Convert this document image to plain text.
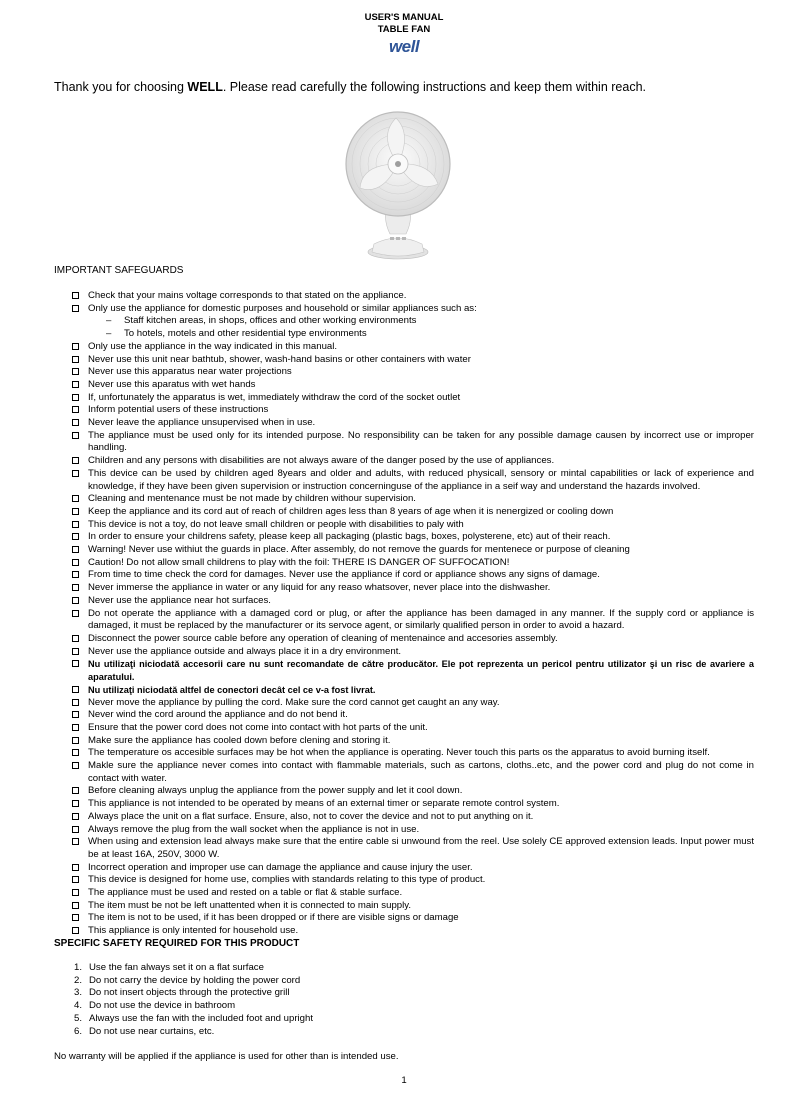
USER'S MANUAL
TABLE FAN
well
Thank you for choosing WELL. Please read carefully the following instructions and keep them within reach.
IMPORTANT SAFEGUARDS
Check that your mains voltage corresponds to that stated on the appliance.
Only use the appliance for domestic purposes and household or similar appliances such as:
– Staff kitchen areas, in shops, offices and other working environments
– To hotels, motels and other residential type environments
Only use the appliance in the way indicated in this manual.
Never use this unit near bathtub, shower, wash-hand basins or other containers with water
Never use this apparatus near water projections
Never use this aparatus with wet hands
If, unfortunately the apparatus is wet, immediately withdraw the cord of the socket outlet
Inform potential users of these instructions
Never leave the appliance unsupervised when in use.
The appliance must be used only for its intended purpose. No responsibility can be taken for any possible damage causen by incorrect use or improper handling.
Children and any persons with disabilities are not always aware of the danger posed by the use of appliances.
This device can be used by children aged 8years and older and adults, with reduced physicall, sensory or mintal capabilities or lack of experience and knowledge, if they have been given supervision or instruction concerninguse of the appliance in a seif way and understand the hazards involved.
Cleaning and mentenance must be not made by children withour supervision.
Keep the appliance and its cord aut of reach of children ages less than 8 years of age when it is nenergized or cooling down
This device is not a toy, do not leave small children or people with disabilities to paly with
In order to ensure your childrens safety, please keep all packaging (plastic bags, boxes, polysterene, etc) aut of their reach.
Warning! Never use withiut the guards in place. After assembly, do not remove the guards for mentenece or purpose of cleaning
Caution! Do not allow small childrens to play with the foil: THERE IS DANGER OF SUFFOCATION!
From time to time check the cord for damages. Never use the appliance if cord or appliance shows any signs of damage.
Never immerse the appliance in water or any liquid for any reaso whatsover, never place into the dishwasher.
Never use the appliance near hot surfaces.
Do not operate the appliance with a damaged cord or plug, or after the appliance has been damaged in any manner. If the supply cord or appliance is damaged, it must be replaced by the manufacturer or its servoce agent, or similarly qualified person in order to avoid a hazard.
Disconnect the power source cable before any operation of cleaning of mentenaince and accesories assembly.
Never use the appliance outside and always place it in a dry environment.
Nu utilizaţi niciodată accesorii care nu sunt recomandate de către producător. Ele pot reprezenta un pericol pentru utilizator şi un risc de avariere a aparatului.
Nu utilizaţi niciodată altfel de conectori decât cel ce v-a fost livrat.
Never move the appliance by pulling the cord. Make sure the cord cannot get caught an any way.
Never wind the cord around the appliance and do not bend it.
Ensure that the power cord does not come into contact with hot parts of the unit.
Make sure the appliance has cooled down before clening and storing it.
The temperature os accesible surfaces may be hot when the appliance is operating. Never touch this parts os the apparatus to avoid burning itself.
Makle sure the appliance never comes into contact with flammable materials, such as cartons, cloths..etc, and the power cord and plug do not come in contact with water.
Before cleaning always unplug the appliance from the power supply and let it cool down.
This appliance is not intended to be operated by means of an external timer or separate remote control system.
Always place the unit on a flat surface. Ensure, also, not to cover the device and not to put anything on it.
Always remove the plug from the wall socket when the appliance is not in use.
When using and extension lead always make sure that the entire cable si unwound from the reel. Use solely CE approved extension leads. Input power must be at least 16A, 250V, 3000 W.
Incorrect operation and improper use can damage the appliance and cause injury the user.
This device is designed for home use, complies with standards relating to this type of product.
The appliance must be used and rested on a table or flat & stable surface.
The item must be not be left unattented when it is connected to main supply.
The item is not to be used, if it has been dropped or if there are visible signs or damage
This appliance is only intented for household use.
SPECIFIC SAFETY REQUIRED FOR THIS PRODUCT
1. Use the fan always set it on a flat surface
2. Do not carry the device by holding the power cord
3. Do not insert objects through the protective grill
4. Do not use the device in bathroom
5. Always use the fan with the included foot and upright
6. Do not use near curtains, etc.
No warranty will be applied if the appliance is used for other than is intended use.
1
